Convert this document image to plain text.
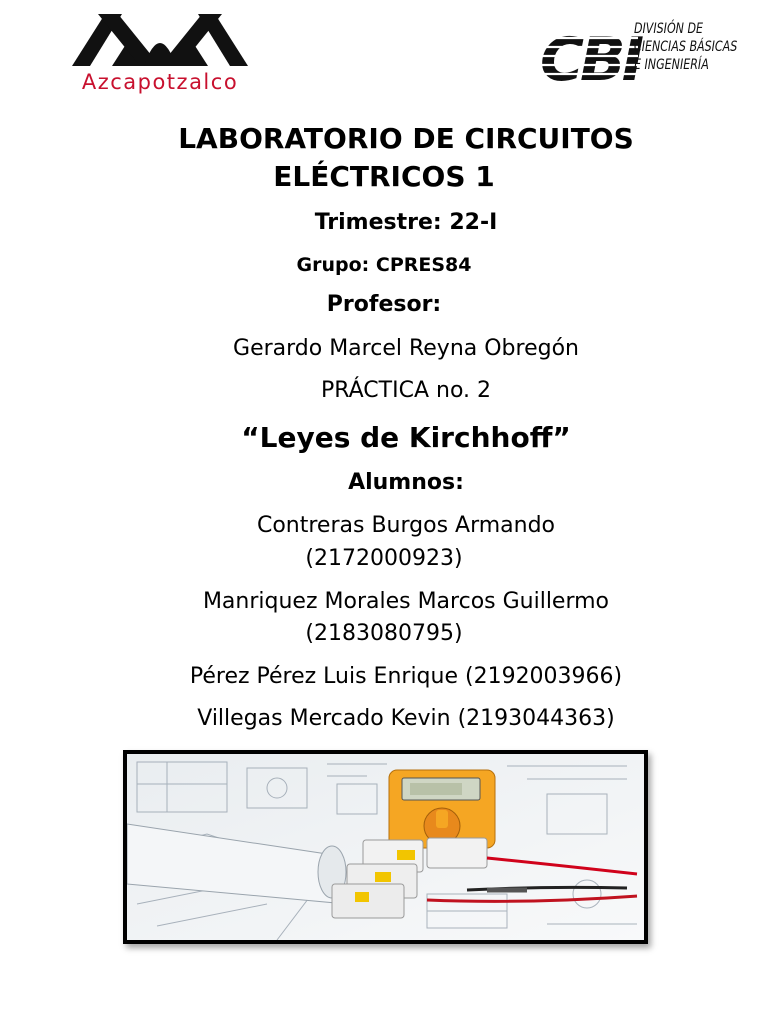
Azcapotzalco	CBI
DIVISIÓN DE
CIENCIAS BÁSICAS
E INGENIERÍA
LABORATORIO DE CIRCUITOS
ELÉCTRICOS 1
Trimestre: 22-I
Grupo: CPRES84
Profesor:
Gerardo Marcel Reyna Obregón
PRÁCTICA no. 2
“Leyes de Kirchhoff”
Alumnos:
Contreras Burgos Armando
(2172000923)
Manriquez Morales Marcos Guillermo
(2183080795)
Pérez Pérez Luis Enrique (2192003966)
Villegas Mercado Kevin (2193044363)
